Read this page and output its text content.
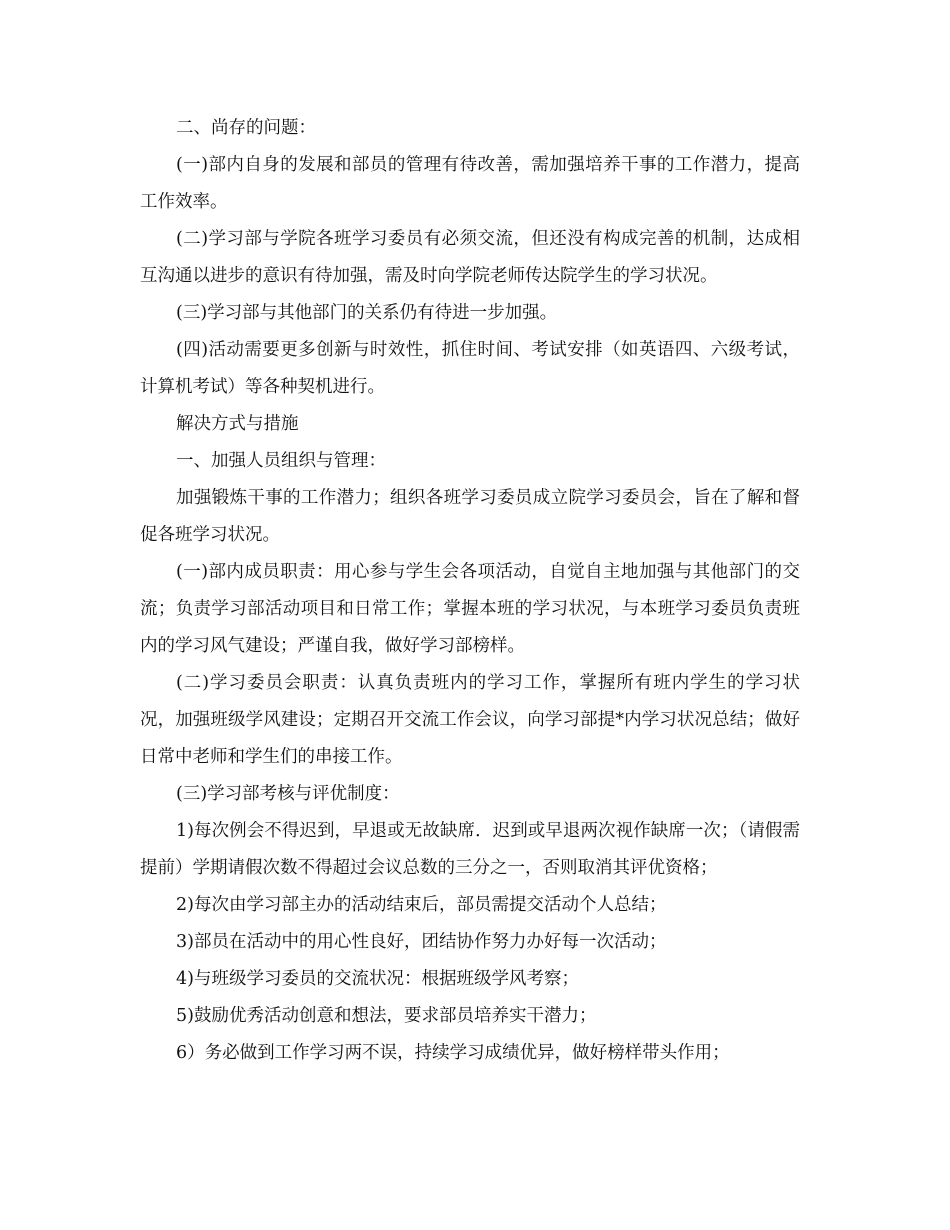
二、尚存的问题：

(一)部内自身的发展和部员的管理有待改善，需加强培养干事的工作潜力，提高工作效率。

(二)学习部与学院各班学习委员有必须交流，但还没有构成完善的机制，达成相互沟通以进步的意识有待加强，需及时向学院老师传达院学生的学习状况。

(三)学习部与其他部门的关系仍有待进一步加强。

(四)活动需要更多创新与时效性，抓住时间、考试安排（如英语四、六级考试，计算机考试）等各种契机进行。

解决方式与措施

一、加强人员组织与管理：

加强锻炼干事的工作潜力；组织各班学习委员成立院学习委员会，旨在了解和督促各班学习状况。

(一)部内成员职责：用心参与学生会各项活动，自觉自主地加强与其他部门的交流；负责学习部活动项目和日常工作；掌握本班的学习状况，与本班学习委员负责班内的学习风气建设；严谨自我，做好学习部榜样。

(二)学习委员会职责：认真负责班内的学习工作，掌握所有班内学生的学习状况，加强班级学风建设；定期召开交流工作会议，向学习部提*内学习状况总结；做好日常中老师和学生们的串接工作。

(三)学习部考核与评优制度：

1)每次例会不得迟到，早退或无故缺席．迟到或早退两次视作缺席一次；（请假需提前）学期请假次数不得超过会议总数的三分之一，否则取消其评优资格；

2)每次由学习部主办的活动结束后，部员需提交活动个人总结；

3)部员在活动中的用心性良好，团结协作努力办好每一次活动；

4)与班级学习委员的交流状况：根据班级学风考察；

5)鼓励优秀活动创意和想法，要求部员培养实干潜力；

6）务必做到工作学习两不误，持续学习成绩优异，做好榜样带头作用；
